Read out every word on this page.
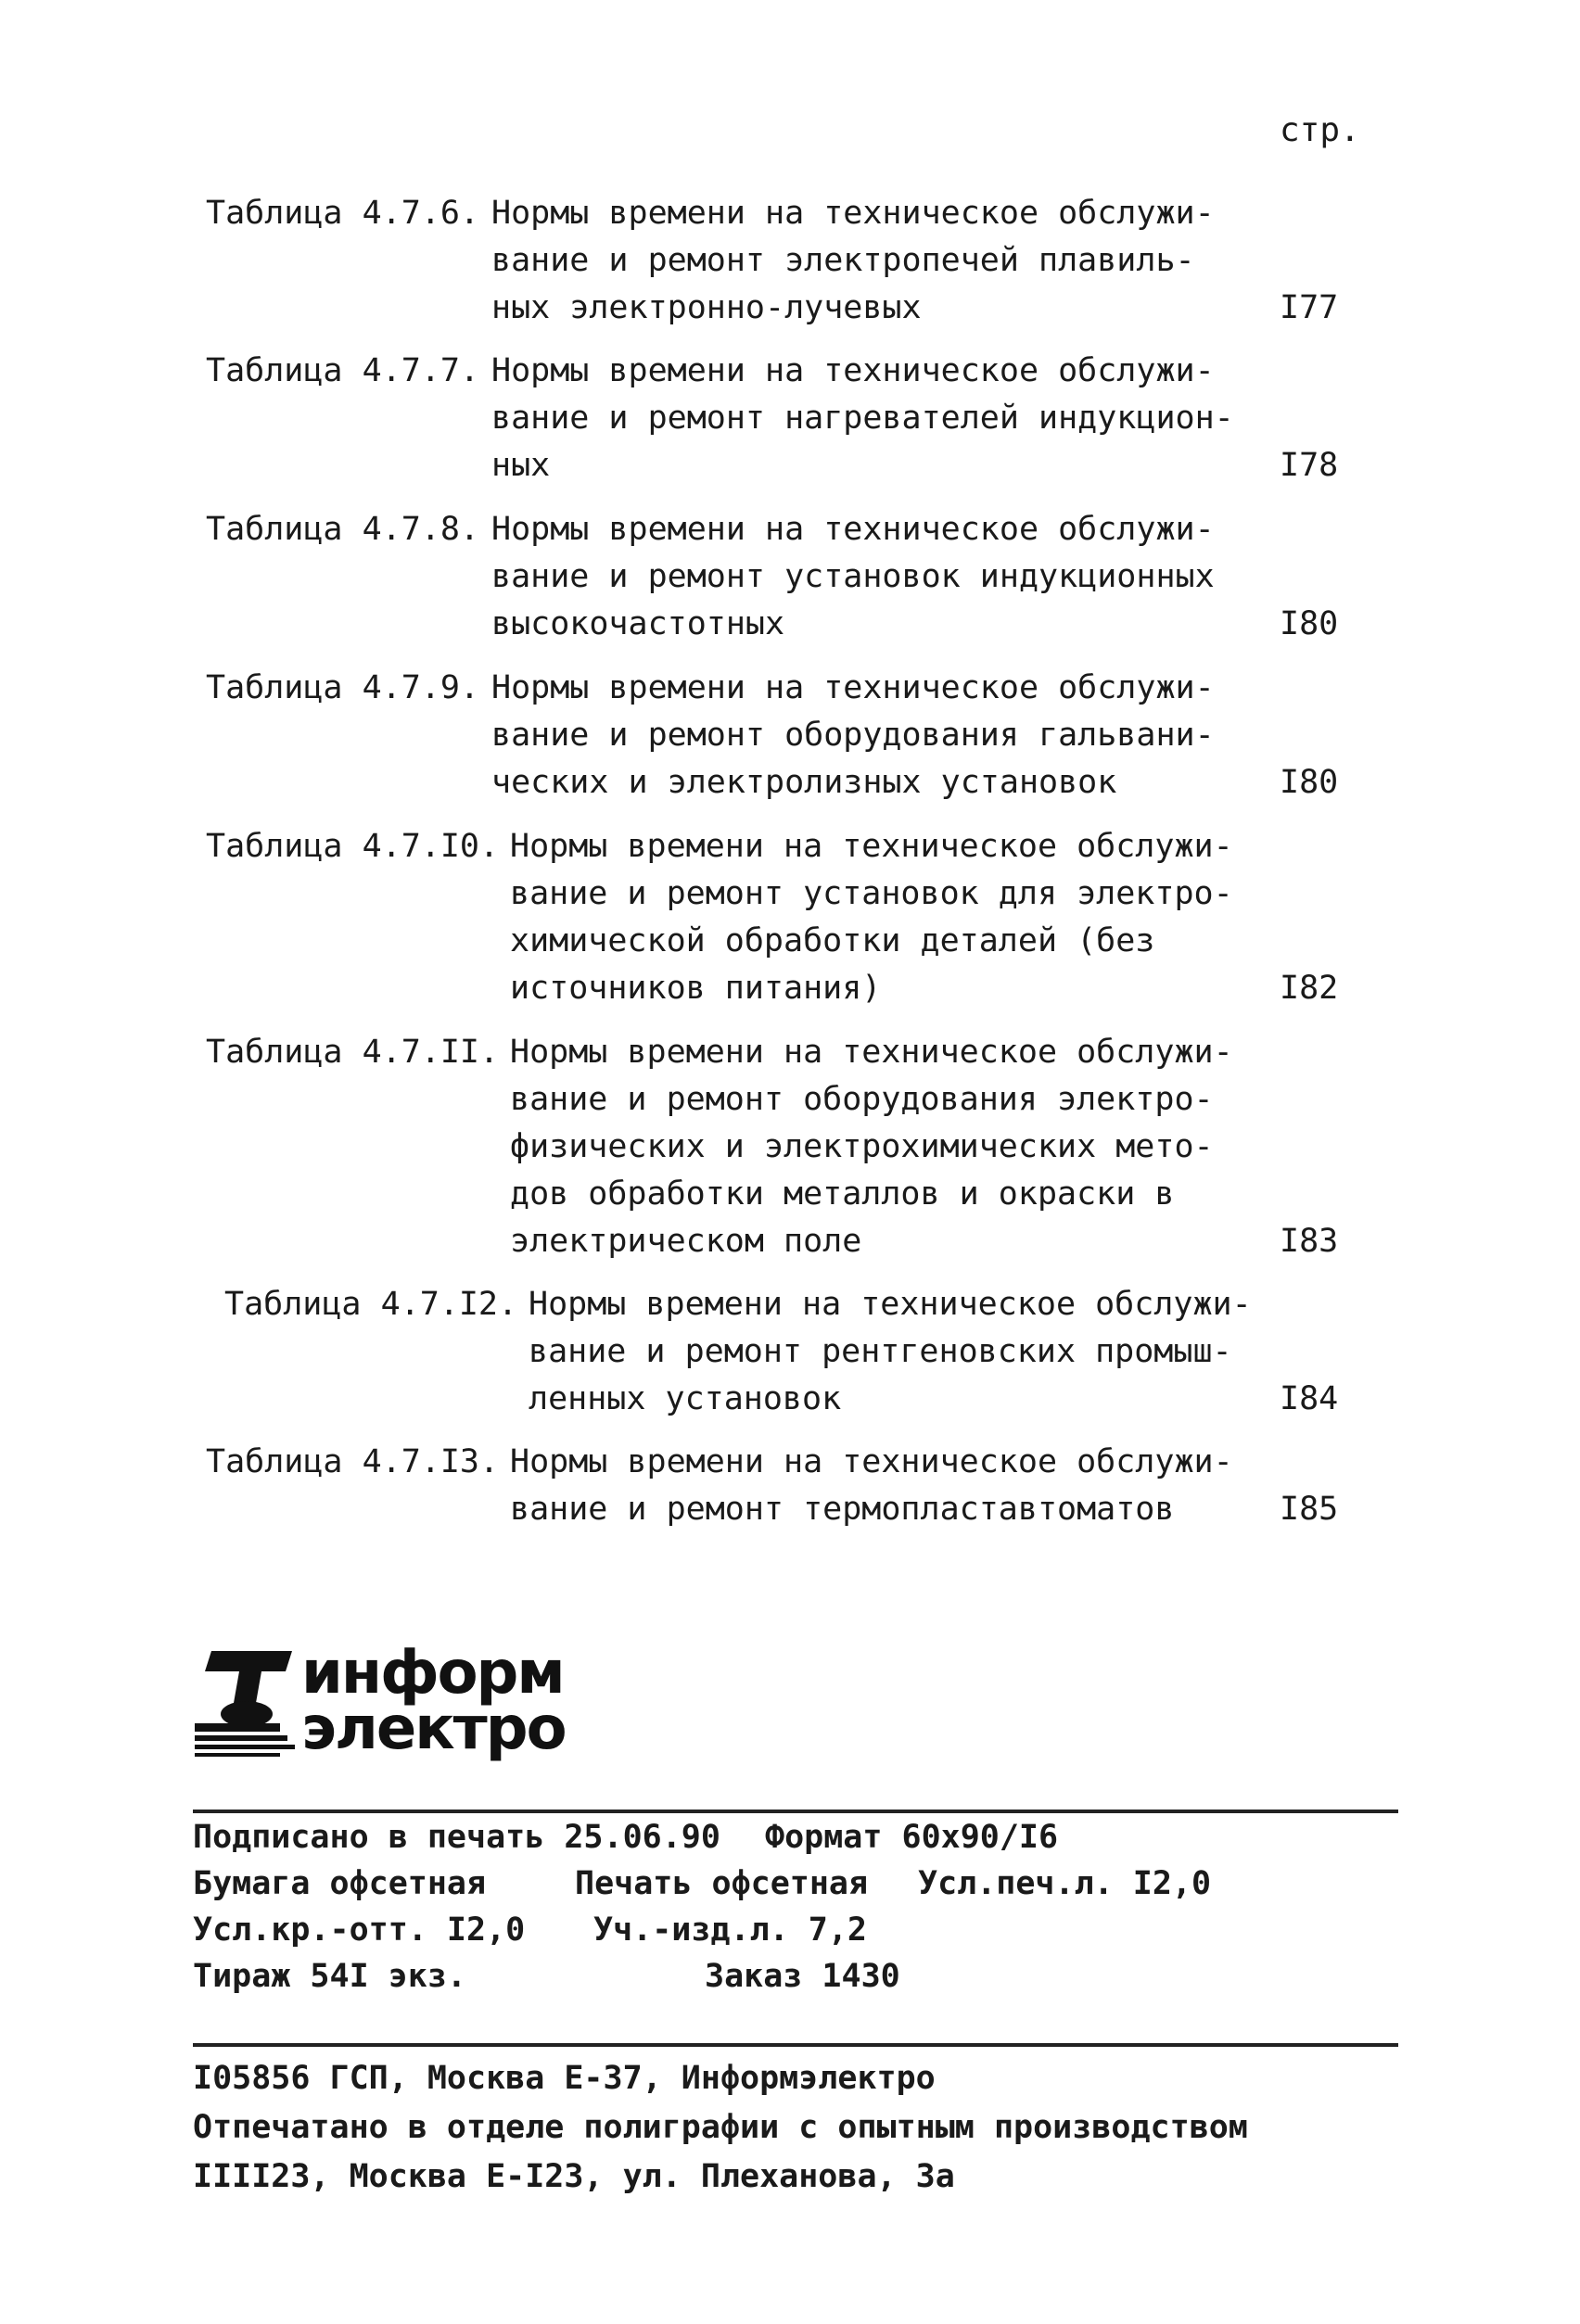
стр.
Таблица 4.7.6. Нормы времени на техническое обслужи-
вание и ремонт электропечей плавиль-
ных электронно-лучевых	I77
Таблица 4.7.7. Нормы времени на техническое обслужи-
вание и ремонт нагревателей индукцион-
ных	I78
Таблица 4.7.8. Нормы времени на техническое обслужи-
вание и ремонт установок индукционных
высокочастотных	I80
Таблица 4.7.9. Нормы времени на техническое обслужи-
вание и ремонт оборудования гальвани-
ческих и электролизных установок	I80
Таблица 4.7.I0. Нормы времени на техническое обслужи-
вание и ремонт установок для электро-
химической обработки деталей (без
источников питания)	I82
Таблица 4.7.II. Нормы времени на техническое обслужи-
вание и ремонт оборудования электро-
физических и электрохимических мето-
дов обработки металлов и окраски в
электрическом поле	I83
Таблица 4.7.I2. Нормы времени на техническое обслужи-
вание и ремонт рентгеновских промыш-
ленных установок	I84
Таблица 4.7.I3. Нормы времени на техническое обслужи-
вание и ремонт термопластавтоматов	I85
информ
электро
Подписано в печать 25.06.90 Формат 60х90/I6
Бумага офсетная	Печать офсетная Усл.печ.л. I2,0
Усл.кр.-отт. I2,0 Уч.-изд.л. 7,2
Тираж 54I экз.	Заказ 1430
I05856 ГСП, Москва Е-37, Информэлектро
Отпечатано в отделе полиграфии с опытным производством
IIII23, Москва Е-I23, ул. Плеханова, 3а
